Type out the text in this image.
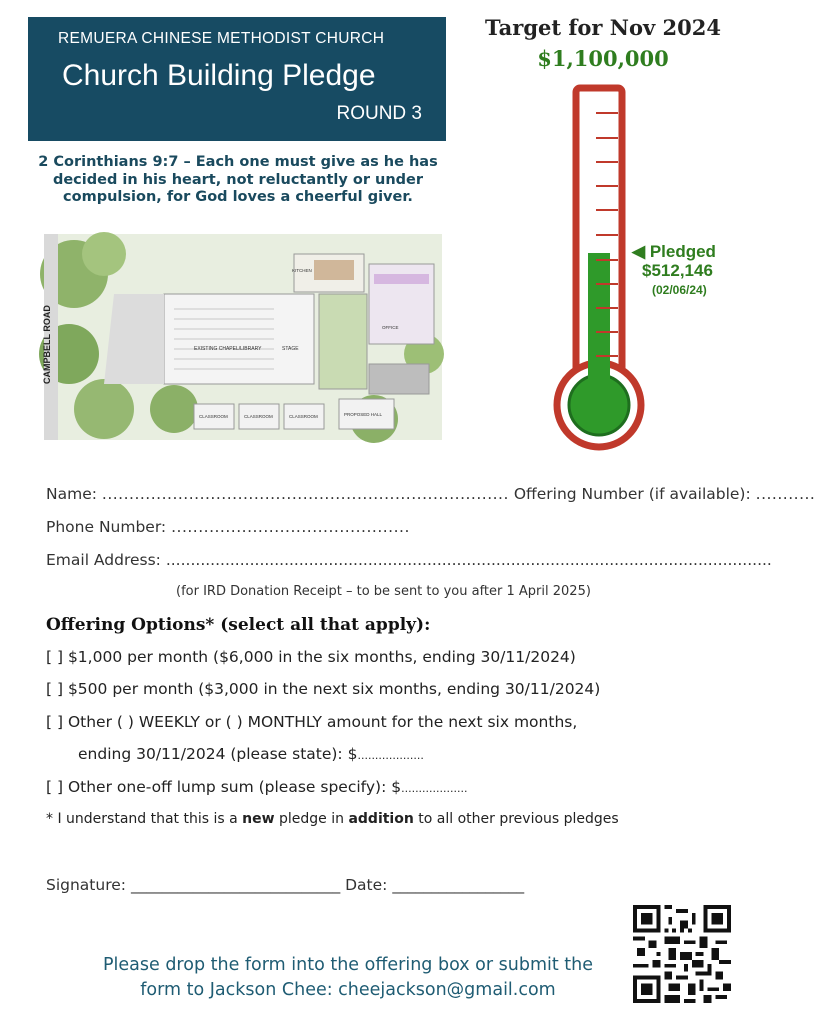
REMUERA CHINESE METHODIST CHURCH
Church Building Pledge
ROUND 3
2 Corinthians 9:7 – Each one must give as he has decided in his heart, not reluctantly or under compulsion, for God loves a cheerful giver.
CAMPBELL ROAD	EXISTING CHAPEL/LIBRARY	STAGE
KITCHEN
OFFICE
CLASSROOM	CLASSROOM	CLASSROOM	PROPOSED HALL
Target for Nov 2024
$1,100,000
◀ Pledged
$512,146
(02/06/24)
Name: ........................................................................... Offering Number (if available): ...........
Phone Number: ............................................
Email Address: ...........................................................................................................................
(for IRD Donation Receipt – to be sent to you after 1 April 2025)
Offering Options* (select all that apply):
[ ] $1,000 per month ($6,000 in the six months, ending 30/11/2024)
[ ] $500 per month ($3,000 in the next six months, ending 30/11/2024)
[ ] Other ( ) WEEKLY or ( ) MONTHLY amount for the next six months,
ending 30/11/2024 (please state): $...................
[ ] Other one-off lump sum (please specify): $...................
* I understand that this is a new pledge in addition to all other previous pledges
Signature: ___________________________ Date: _________________
Please drop the form into the offering box or submit the
form to Jackson Chee: cheejackson@gmail.com
